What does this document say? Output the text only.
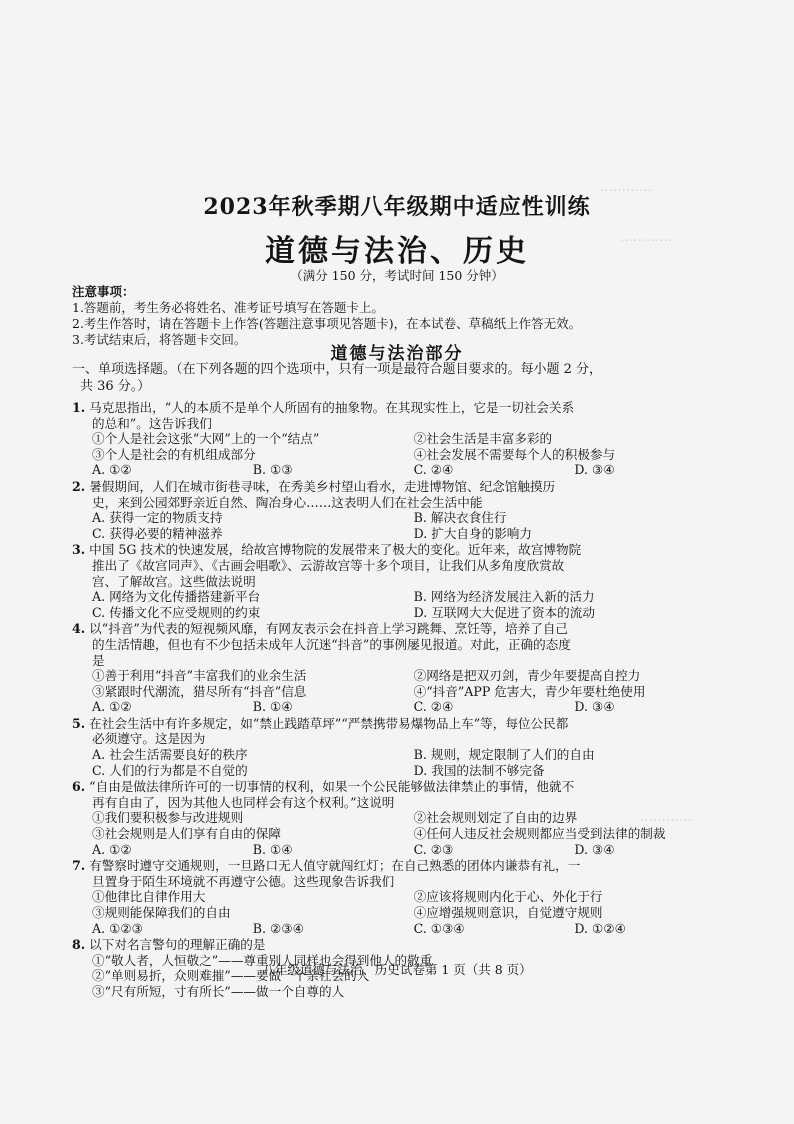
…………
…………
…………
2023年秋季期八年级期中适应性训练
道德与法治、历史
（满分 150 分，考试时间 150 分钟）
注意事项：
1.答题前，考生务必将姓名、准考证号填写在答题卡上。
2.考生作答时，请在答题卡上作答(答题注意事项见答题卡)，在本试卷、草稿纸上作答无效。
3.考试结束后，将答题卡交回。
道德与法治部分
一、单项选择题。（在下列各题的四个选项中，只有一项是最符合题目要求的。每小题 2 分，
共 36 分。）
1. 马克思指出，“人的本质不是单个人所固有的抽象物。在其现实性上，它是一切社会关系
的总和”。这告诉我们
①个人是社会这张“大网”上的一个“结点”	②社会生活是丰富多彩的
③个人是社会的有机组成部分	④社会发展不需要每个人的积极参与
A. ①②	B. ①③	C. ②④	D. ③④
2. 暑假期间，人们在城市街巷寻味，在秀美乡村望山看水，走进博物馆、纪念馆触摸历
史，来到公园郊野亲近自然、陶冶身心……这表明人们在社会生活中能
A. 获得一定的物质支持	B. 解决衣食住行
C. 获得必要的精神滋养	D. 扩大自身的影响力
3. 中国 5G 技术的快速发展，给故宫博物院的发展带来了极大的变化。近年来，故宫博物院
推出了《故宫同声》、《古画会唱歌》、云游故宫等十多个项目，让我们从多角度欣赏故
宫、了解故宫。这些做法说明
A. 网络为文化传播搭建新平台	B. 网络为经济发展注入新的活力
C. 传播文化不应受规则的约束	D. 互联网大大促进了资本的流动
4. 以“抖音”为代表的短视频风靡，有网友表示会在抖音上学习跳舞、烹饪等，培养了自己
的生活情趣，但也有不少包括未成年人沉迷“抖音”的事例屡见报道。对此，正确的态度
是
①善于利用“抖音”丰富我们的业余生活	②网络是把双刃剑，青少年要提高自控力
③紧跟时代潮流，猎尽所有“抖音”信息	④“抖音”APP 危害大，青少年要杜绝使用
A. ①②	B. ①④	C. ②④	D. ③④
5. 在社会生活中有许多规定，如“禁止践踏草坪”“严禁携带易爆物品上车”等，每位公民都
必须遵守。这是因为
A. 社会生活需要良好的秩序	B. 规则，规定限制了人们的自由
C. 人们的行为都是不自觉的	D. 我国的法制不够完备
6. “自由是做法律所许可的一切事情的权利，如果一个公民能够做法律禁止的事情，他就不
再有自由了，因为其他人也同样会有这个权利。”这说明
①我们要积极参与改进规则	②社会规则划定了自由的边界
③社会规则是人们享有自由的保障	④任何人违反社会规则都应当受到法律的制裁
A. ①②	B. ①④	C. ②③	D. ③④
7. 有警察时遵守交通规则，一旦路口无人值守就闯红灯；在自己熟悉的团体内谦恭有礼，一
旦置身于陌生环境就不再遵守公德。这些现象告诉我们
①他律比自律作用大	②应该将规则内化于心、外化于行
③规则能保障我们的自由	④应增强规则意识，自觉遵守规则
A. ①②③	B. ②③④	C. ①③④	D. ①②④
8. 以下对名言警句的理解正确的是
①“敬人者，人恒敬之”——尊重别人同样也会得到他人的敬重
②“单则易折，众则难摧”——要做一个亲社会的人
③“尺有所短，寸有所长”——做一个自尊的人
八年级道德与法治、历史试卷第 1 页（共 8 页）
